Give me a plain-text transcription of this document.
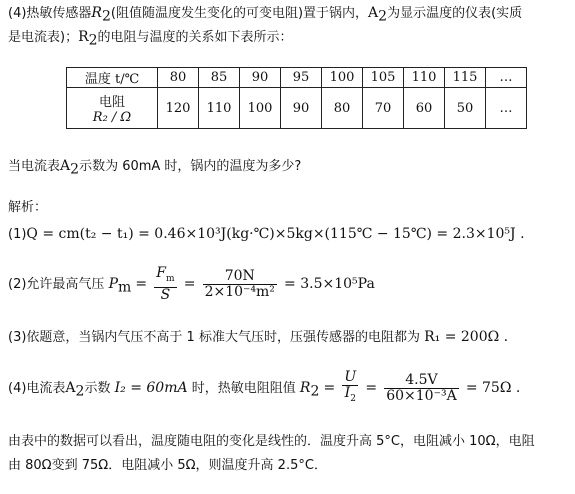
(4)热敏传感器$R_2$(阻值随温度发生变化的可变电阻)置于锅内，$A_2$为显示温度的仪表(实质
是电流表)；$R_2$的电阻与温度的关系如下表所示：
温度 t/℃	80	85	90	95	100	105	110	115	…

电阻
R₂ / Ω	120	110	100	90	80	70	60	50	…
当电流表$A_2$示数为 60mA 时，锅内的温度为多少?
解析：
(1)Q = cm(t₂ − t₁) = 0.46×10³J(kg·℃)×5kg×(115℃ − 15℃) = 2.3×10⁵J .
(2)允许最高气压 $P_m = \frac{F_m}{S} = \frac{70N}{\text{2×10⁻⁴m²}} = 3.5\times 10^5Pa$
(3)依题意，当锅内气压不高于 1 标准大气压时，压强传感器的电阻都为 R₁ = 200Ω .
(4)电流表$A_2$示数 I₂ = 60mA 时，热敏电阻阻值 $R_2 = \frac{U}{I_2} = \frac{4.5V}{\text{60×10⁻³A}} = 75\Omega$ .
由表中的数据可以看出，温度随电阻的变化是线性的．温度升高 5°C，电阻减小 10Ω，电阻
由 80Ω变到 75Ω．电阻减小 5Ω，则温度升高 2.5°C．
